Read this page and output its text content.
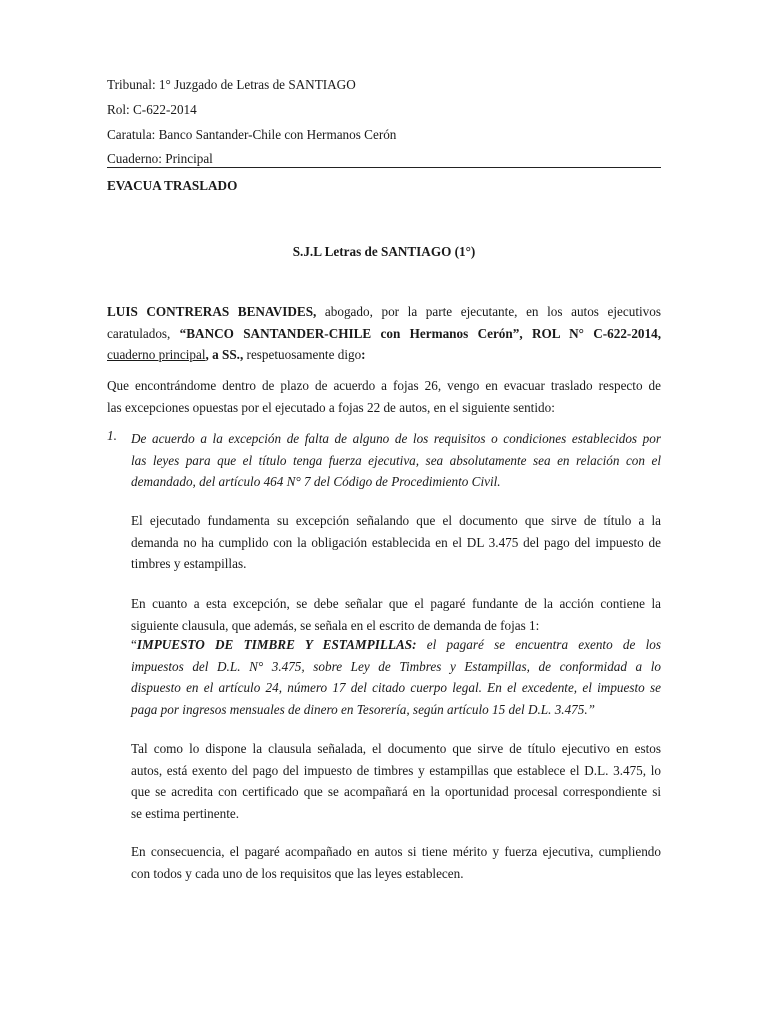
Tribunal: 1° Juzgado de Letras de SANTIAGO
Rol: C-622-2014
Caratula: Banco Santander-Chile con Hermanos Cerón
Cuaderno: Principal
EVACUA TRASLADO
S.J.L Letras de SANTIAGO (1°)
LUIS CONTRERAS BENAVIDES, abogado, por la parte ejecutante, en los autos ejecutivos
caratulados, “BANCO SANTANDER-CHILE con Hermanos Cerón”, ROL N° C-622-2014,
cuaderno principal, a SS., respetuosamente digo:
Que encontrándome dentro de plazo de acuerdo a fojas 26, vengo en evacuar traslado respecto de
las excepciones opuestas por el ejecutado a fojas 22 de autos, en el siguiente sentido:
1. De acuerdo a la excepción de falta de alguno de los requisitos o condiciones establecidos por
las leyes para que el título tenga fuerza ejecutiva, sea absolutamente sea en relación con el
demandado, del artículo 464 N° 7 del Código de Procedimiento Civil.
El ejecutado fundamenta su excepción señalando que el documento que sirve de título a la
demanda no ha cumplido con la obligación establecida en el DL 3.475 del pago del impuesto de
timbres y estampillas.
En cuanto a esta excepción, se debe señalar que el pagaré fundante de la acción contiene la
siguiente clausula, que además, se señala en el escrito de demanda de fojas 1:
“IMPUESTO DE TIMBRE Y ESTAMPILLAS: el pagaré se encuentra exento de los
impuestos del D.L. N° 3.475, sobre Ley de Timbres y Estampillas, de conformidad a lo
dispuesto en el artículo 24, número 17 del citado cuerpo legal. En el excedente, el impuesto se
paga por ingresos mensuales de dinero en Tesorería, según artículo 15 del D.L. 3.475.”
Tal como lo dispone la clausula señalada, el documento que sirve de título ejecutivo en estos
autos, está exento del pago del impuesto de timbres y estampillas que establece el D.L. 3.475, lo
que se acredita con certificado que se acompañará en la oportunidad procesal correspondiente si
se estima pertinente.
En consecuencia, el pagaré acompañado en autos si tiene mérito y fuerza ejecutiva, cumpliendo
con todos y cada uno de los requisitos que las leyes establecen.
